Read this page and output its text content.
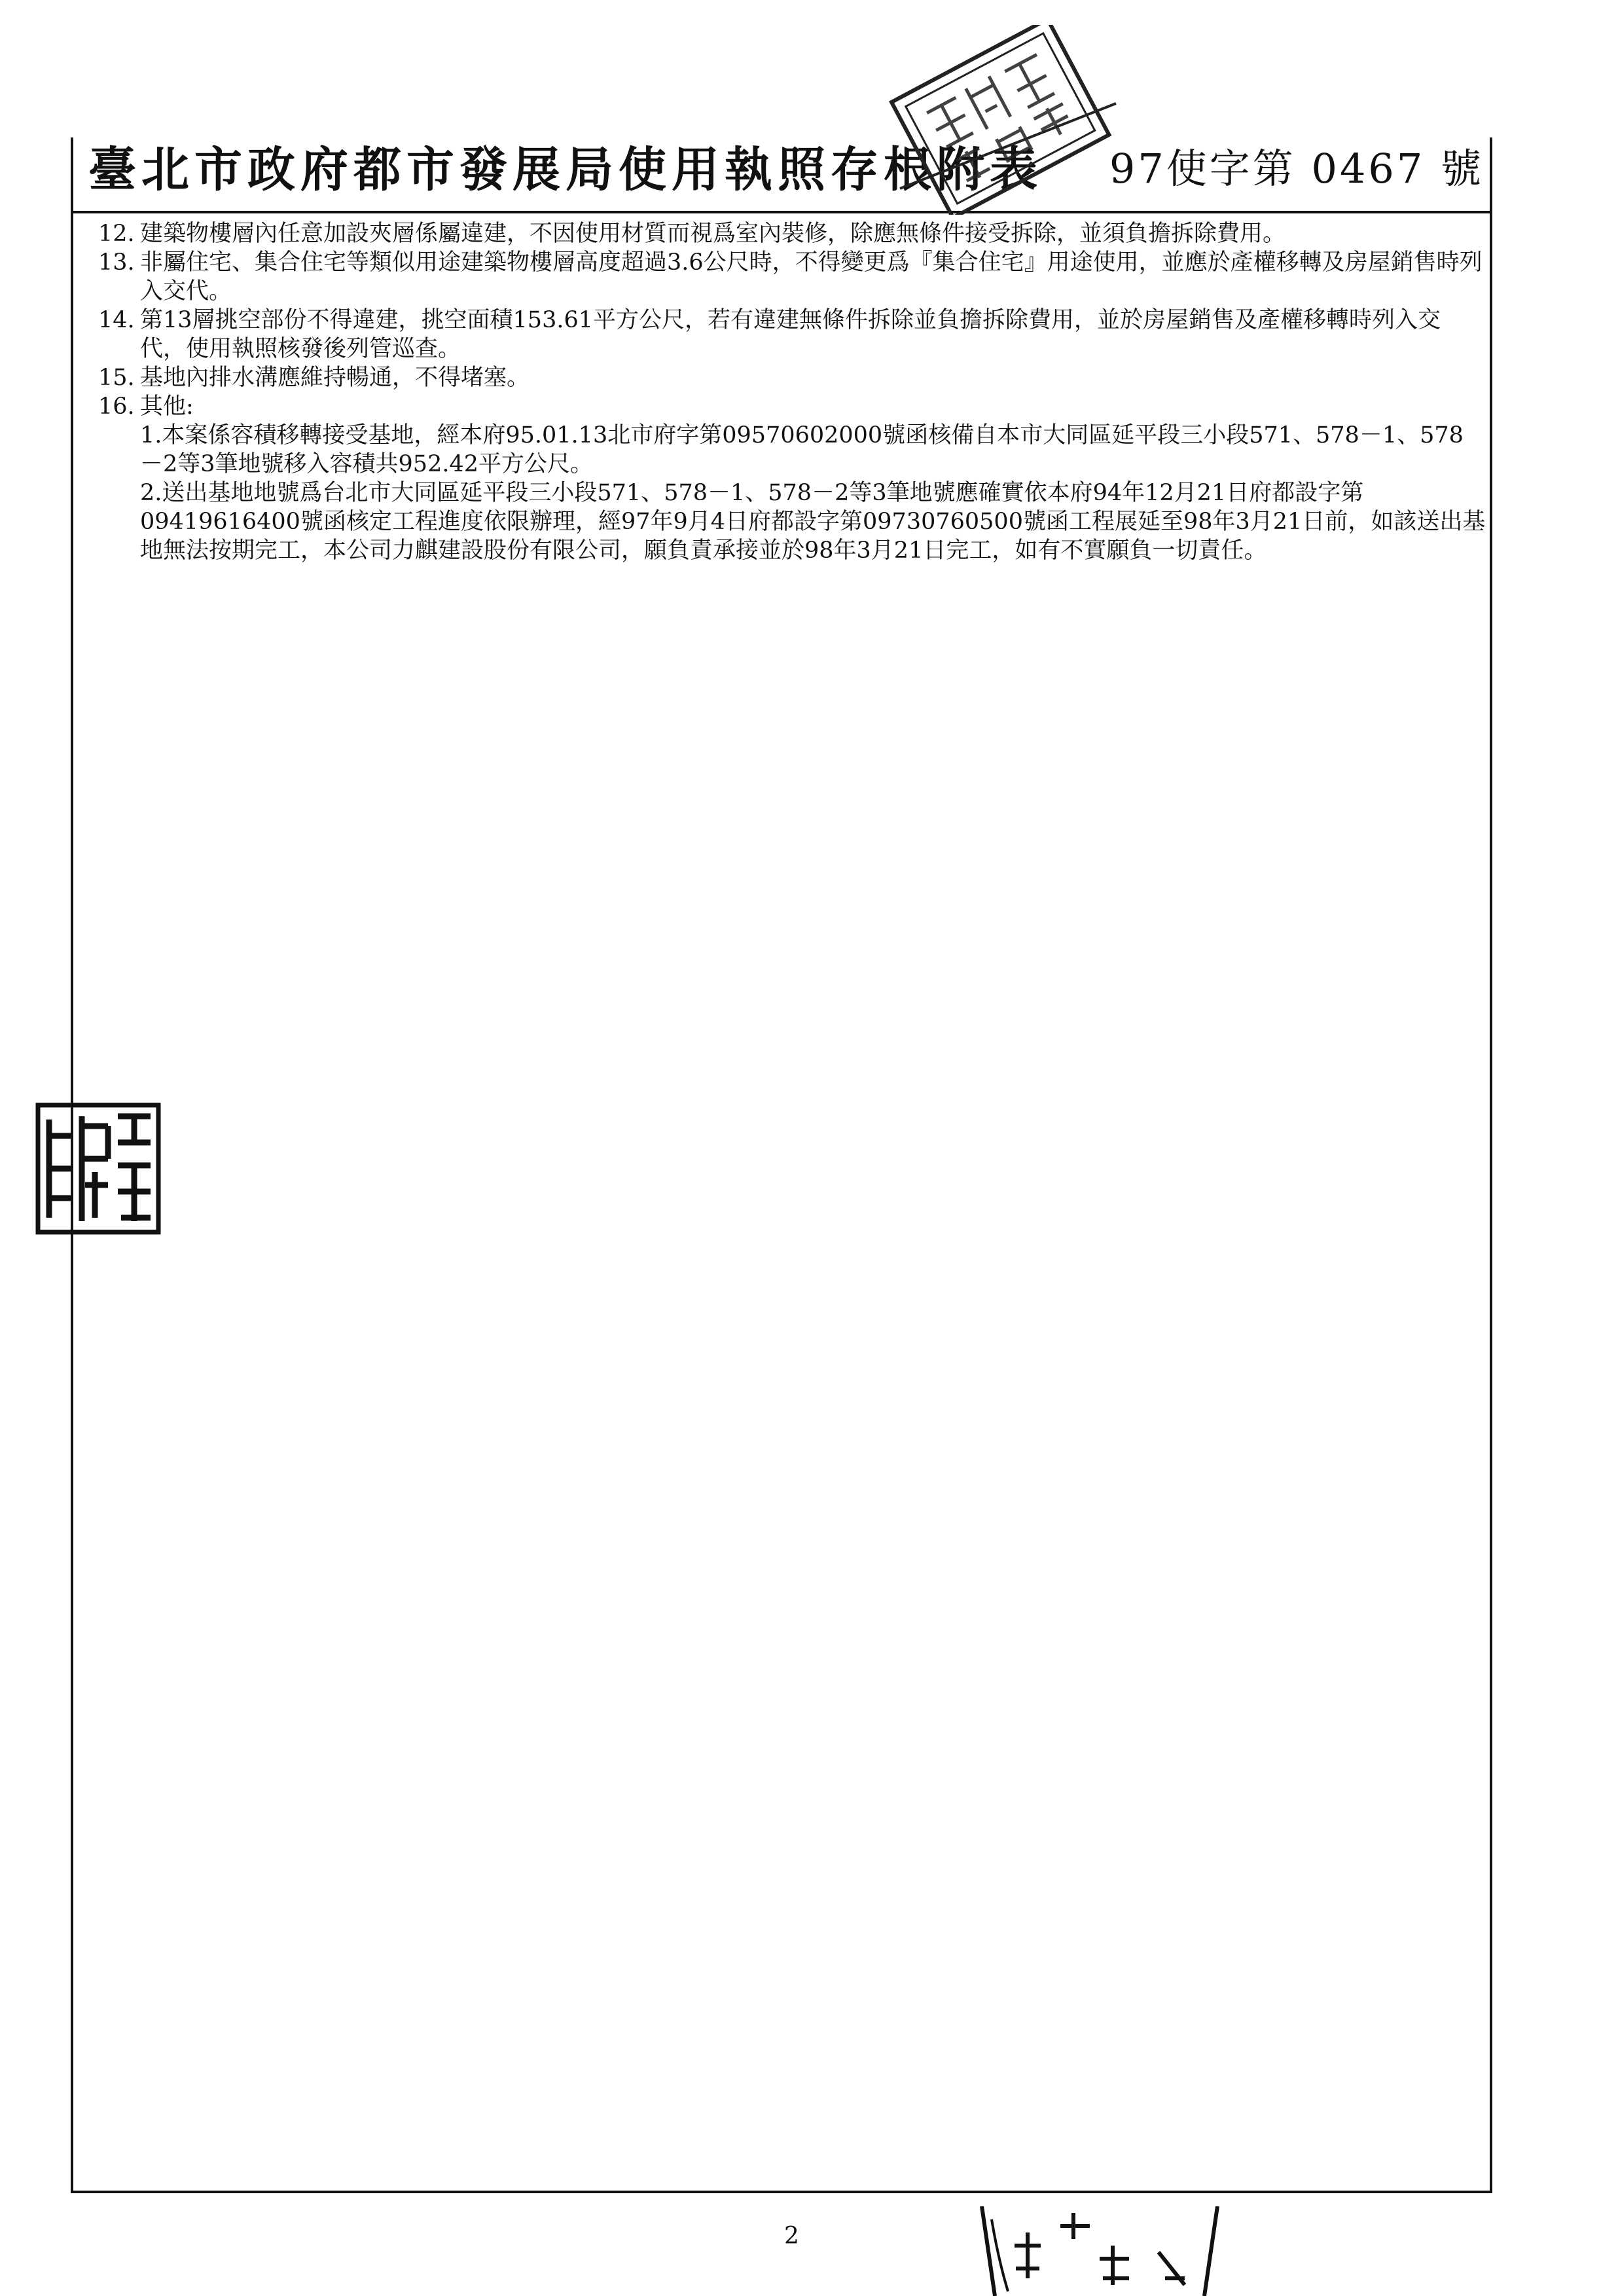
臺北市政府都市發展局使用執照存根附表 97使字第 0467 號
12. 建築物樓層內任意加設夾層係屬違建，不因使用材質而視爲室內裝修，除應無條件接受拆除，並須負擔拆除費用。

13. 非屬住宅、集合住宅等類似用途建築物樓層高度超過3.6公尺時，不得變更爲『集合住宅』用途使用，並應於產權移轉及房屋銷售時列入交代。

14. 第13層挑空部份不得違建，挑空面積153.61平方公尺，若有違建無條件拆除並負擔拆除費用，並於房屋銷售及產權移轉時列入交代，使用執照核發後列管巡查。

15. 基地內排水溝應維持暢通，不得堵塞。

16. 其他:

1.本案係容積移轉接受基地，經本府95.01.13北市府字第09570602000號函核備自本市大同區延平段三小段571、578－1、578－2等3筆地號移入容積共952.42平方公尺。

2.送出基地地號爲台北市大同區延平段三小段571、578－1、578－2等3筆地號應確實依本府94年12月21日府都設字第09419616400號函核定工程進度依限辦理，經97年9月4日府都設字第09730760500號函工程展延至98年3月21日前，如該送出基地無法按期完工，本公司力麒建設股份有限公司，願負責承接並於98年3月21日完工，如有不實願負一切責任。

2
